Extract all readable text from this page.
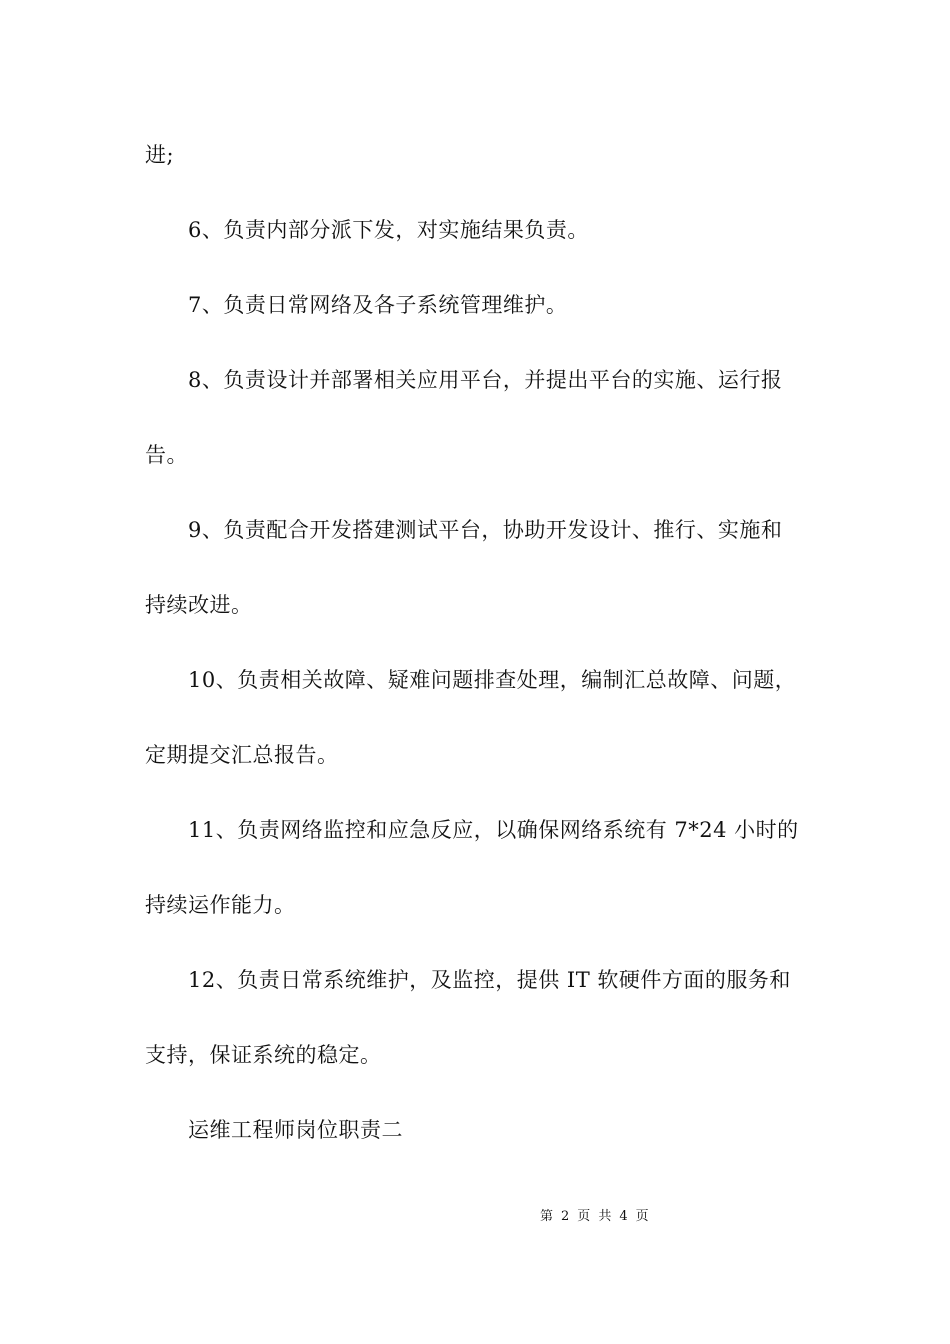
进;
6、负责内部分派下发，对实施结果负责。
7、负责日常网络及各子系统管理维护。
8、负责设计并部署相关应用平台，并提出平台的实施、运行报
告。
9、负责配合开发搭建测试平台，协助开发设计、推行、实施和
持续改进。
10、负责相关故障、疑难问题排查处理，编制汇总故障、问题，
定期提交汇总报告。
11、负责网络监控和应急反应，以确保网络系统有 7*24 小时的
持续运作能力。
12、负责日常系统维护，及监控，提供 IT 软硬件方面的服务和
支持，保证系统的稳定。
运维工程师岗位职责二
第 2 页 共 4 页
